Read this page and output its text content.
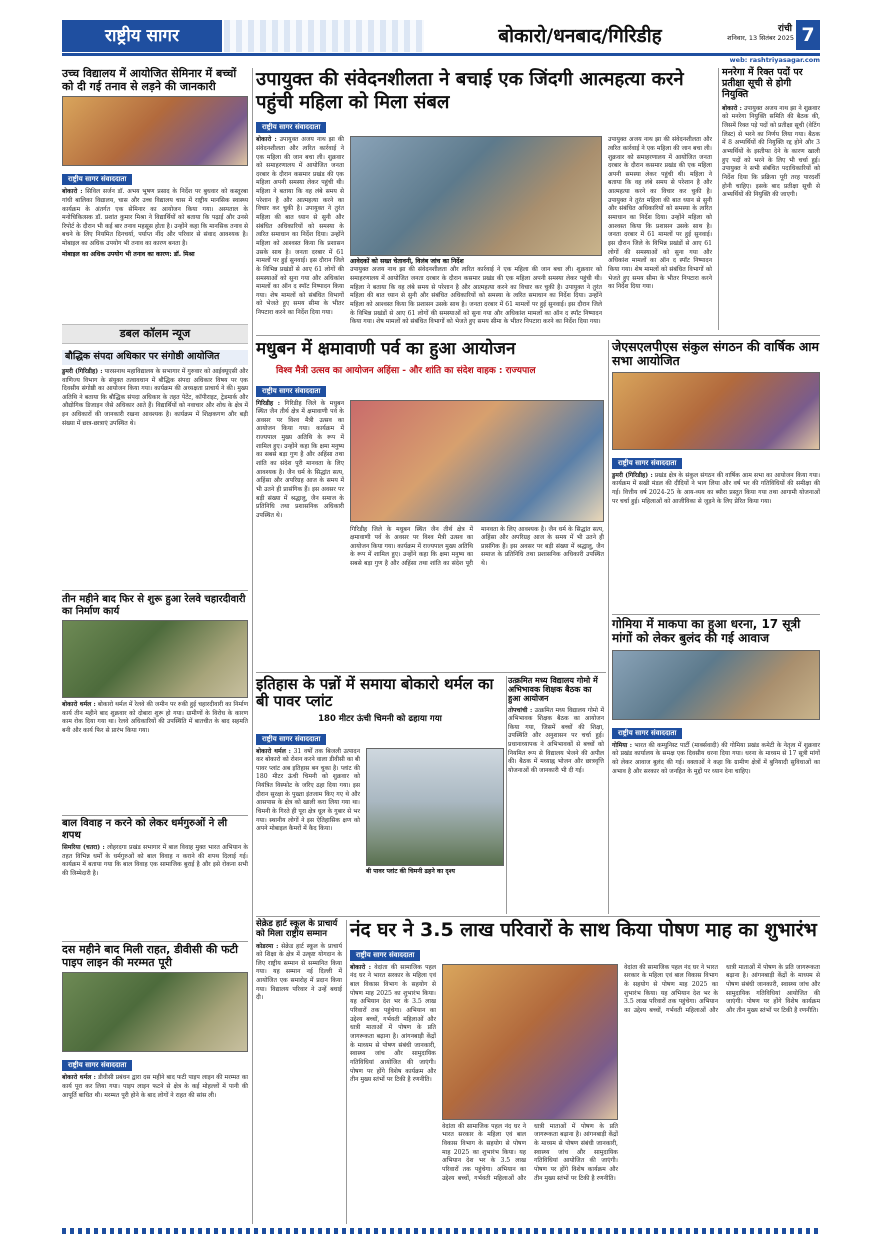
राष्ट्रीय सागर	बोकारो/धनबाद/गिरिडीह	रांची
शनिवार, 13 सितंबर 2025 7
web: rashtriyasagar.com
उच्च विद्यालय में आयोजित सेमिनार में बच्चों को दी गई तनाव से लड़ने की जानकारी
राष्ट्रीय सागर संवाददाता
बोकारो : सिविल सर्जन डॉ. अभय भूषण प्रसाद के निर्देश पर बुधवार को कस्तूरबा गांधी बालिका विद्यालय, चास और उच्च विद्यालय चास में राष्ट्रीय मानसिक स्वास्थ्य कार्यक्रम के अंतर्गत एक सेमिनार का आयोजन किया गया। अस्पताल के मनोचिकित्सक डॉ. प्रशांत कुमार मिश्रा ने विद्यार्थियों को बताया कि पढ़ाई और उनसे रिपोर्ट के दौरान भी कई बार तनाव महसूस होता है। उन्होंने कहा कि मानसिक तनाव से बचने के लिए नियमित दिनचर्या, पर्याप्त नींद और परिवार से संवाद आवश्यक है। मोबाइल का अधिक उपयोग भी तनाव का कारण बनता है।
मोबाइल का अधिक उपयोग भी तनाव का कारण: डॉ. मिश्रा
डबल कॉलम न्यूज
बौद्धिक संपदा अधिकार पर संगोष्ठी आयोजित
डुमरी (गिरिडीह) : पारसनाथ महाविद्यालय के सभागार में गुरुवार को आईक्यूएसी और वाणिज्य विभाग के संयुक्त तत्वावधान में बौद्धिक संपदा अधिकार विषय पर एक दिवसीय संगोष्ठी का आयोजन किया गया। कार्यक्रम की अध्यक्षता प्राचार्य ने की। मुख्य अतिथि ने बताया कि बौद्धिक संपदा अधिकार के तहत पेटेंट, कॉपीराइट, ट्रेडमार्क और औद्योगिक डिजाइन जैसे अधिकार आते हैं। विद्यार्थियों को नवाचार और शोध के क्षेत्र में इन अधिकारों की जानकारी रखना आवश्यक है। कार्यक्रम में शिक्षकगण और बड़ी संख्या में छात्र-छात्राएं उपस्थित थे।
तीन महीने बाद फिर से शुरू हुआ रेलवे चहारदीवारी का निर्माण कार्य
बोकारो थर्मल : बोकारो थर्मल में रेलवे की जमीन पर रुकी हुई चहारदीवारी का निर्माण कार्य तीन महीने बाद शुक्रवार को दोबारा शुरू हो गया। ग्रामीणों के विरोध के कारण काम रोक दिया गया था। रेलवे अधिकारियों की उपस्थिति में बातचीत के बाद सहमति बनी और कार्य फिर से प्रारंभ किया गया।
बाल विवाह न करने को लेकर धर्मगुरुओं ने ली शपथ
सिमरिया (चतरा) : लोहरदगा प्रखंड सभागार में बाल विवाह मुक्त भारत अभियान के तहत विभिन्न धर्मों के धर्मगुरुओं को बाल विवाह न कराने की शपथ दिलाई गई। कार्यक्रम में बताया गया कि बाल विवाह एक सामाजिक बुराई है और इसे रोकना सभी की जिम्मेदारी है।
उपायुक्त की संवेदनशीलता ने बचाई एक जिंदगी आत्महत्या करने पहुंची महिला को मिला संबल
राष्ट्रीय सागर संवाददाता
बोकारो : उपायुक्त अजय नाथ झा की संवेदनशीलता और त्वरित कार्रवाई ने एक महिला की जान बचा ली। शुक्रवार को समाहरणालय में आयोजित जनता दरबार के दौरान कसमार प्रखंड की एक महिला अपनी समस्या लेकर पहुंची थी। महिला ने बताया कि वह लंबे समय से परेशान है और आत्महत्या करने का विचार कर चुकी है। उपायुक्त ने तुरंत महिला की बात ध्यान से सुनी और संबंधित अधिकारियों को समस्या के त्वरित समाधान का निर्देश दिया। उन्होंने महिला को आश्वस्त किया कि प्रशासन उसके साथ है। जनता दरबार में 61 मामलों पर हुई सुनवाई। इस दौरान जिले के विभिन्न प्रखंडों से आए 61 लोगों की समस्याओं को सुना गया और अधिकांश मामलों का ऑन द स्पॉट निष्पादन किया गया। शेष मामलों को संबंधित विभागों को भेजते हुए समय सीमा के भीतर निपटारा करने का निर्देश दिया गया।
आवेदकों को सख्त चेतावनी, विलंब जांच का निर्देश
उपायुक्त अजय नाथ झा की संवेदनशीलता और त्वरित कार्रवाई ने एक महिला की जान बचा ली। शुक्रवार को समाहरणालय में आयोजित जनता दरबार के दौरान कसमार प्रखंड की एक महिला अपनी समस्या लेकर पहुंची थी। महिला ने बताया कि वह लंबे समय से परेशान है और आत्महत्या करने का विचार कर चुकी है। उपायुक्त ने तुरंत महिला की बात ध्यान से सुनी और संबंधित अधिकारियों को समस्या के त्वरित समाधान का निर्देश दिया। उन्होंने महिला को आश्वस्त किया कि प्रशासन उसके साथ है। जनता दरबार में 61 मामलों पर हुई सुनवाई। इस दौरान जिले के विभिन्न प्रखंडों से आए 61 लोगों की समस्याओं को सुना गया और अधिकांश मामलों का ऑन द स्पॉट निष्पादन किया गया। शेष मामलों को संबंधित विभागों को भेजते हुए समय सीमा के भीतर निपटारा करने का निर्देश दिया गया।
उपायुक्त अजय नाथ झा की संवेदनशीलता और त्वरित कार्रवाई ने एक महिला की जान बचा ली। शुक्रवार को समाहरणालय में आयोजित जनता दरबार के दौरान कसमार प्रखंड की एक महिला अपनी समस्या लेकर पहुंची थी। महिला ने बताया कि वह लंबे समय से परेशान है और आत्महत्या करने का विचार कर चुकी है। उपायुक्त ने तुरंत महिला की बात ध्यान से सुनी और संबंधित अधिकारियों को समस्या के त्वरित समाधान का निर्देश दिया। उन्होंने महिला को आश्वस्त किया कि प्रशासन उसके साथ है। जनता दरबार में 61 मामलों पर हुई सुनवाई। इस दौरान जिले के विभिन्न प्रखंडों से आए 61 लोगों की समस्याओं को सुना गया और अधिकांश मामलों का ऑन द स्पॉट निष्पादन किया गया। शेष मामलों को संबंधित विभागों को भेजते हुए समय सीमा के भीतर निपटारा करने का निर्देश दिया गया।
मनरेगा में रिक्त पदों पर प्रतीक्षा सूची से होगी नियुक्ति
बोकारो : उपायुक्त अजय नाथ झा ने शुक्रवार को मनरेगा नियुक्ति समिति की बैठक की, जिसमें रिक्त पड़े पदों को प्रतीक्षा सूची (वेटिंग लिस्ट) से भरने का निर्णय लिया गया। बैठक में 8 अभ्यर्थियों की नियुक्ति रद्द होने और 3 अभ्यर्थियों के इस्तीफा देने के कारण खाली हुए पदों को भरने के लिए भी चर्चा हुई। उपायुक्त ने सभी संबंधित पदाधिकारियों को निर्देश दिया कि प्रक्रिया पूरी तरह पारदर्शी होनी चाहिए। इसके बाद प्रतीक्षा सूची से अभ्यर्थियों की नियुक्ति की जाएगी।
मधुबन में क्षमावाणी पर्व का हुआ आयोजन
विश्व मैत्री उत्सव का आयोजन अहिंसा - और शांति का संदेश वाहक : राज्यपाल
राष्ट्रीय सागर संवाददाता
गिरिडीह : गिरिडीह जिले के मधुबन स्थित जैन तीर्थ क्षेत्र में क्षमावाणी पर्व के अवसर पर विश्व मैत्री उत्सव का आयोजन किया गया। कार्यक्रम में राज्यपाल मुख्य अतिथि के रूप में शामिल हुए। उन्होंने कहा कि क्षमा मनुष्य का सबसे बड़ा गुण है और अहिंसा तथा शांति का संदेश पूरी मानवता के लिए आवश्यक है। जैन धर्म के सिद्धांत सत्य, अहिंसा और अपरिग्रह आज के समय में भी उतने ही प्रासंगिक हैं। इस अवसर पर बड़ी संख्या में श्रद्धालु, जैन समाज के प्रतिनिधि तथा प्रशासनिक अधिकारी उपस्थित थे।
गिरिडीह जिले के मधुबन स्थित जैन तीर्थ क्षेत्र में क्षमावाणी पर्व के अवसर पर विश्व मैत्री उत्सव का आयोजन किया गया। कार्यक्रम में राज्यपाल मुख्य अतिथि के रूप में शामिल हुए। उन्होंने कहा कि क्षमा मनुष्य का सबसे बड़ा गुण है और अहिंसा तथा शांति का संदेश पूरी मानवता के लिए आवश्यक है। जैन धर्म के सिद्धांत सत्य, अहिंसा और अपरिग्रह आज के समय में भी उतने ही प्रासंगिक हैं। इस अवसर पर बड़ी संख्या में श्रद्धालु, जैन समाज के प्रतिनिधि तथा प्रशासनिक अधिकारी उपस्थित थे।
जेएसएलपीएस संकुल संगठन की वार्षिक आम सभा आयोजित
राष्ट्रीय सागर संवाददाता
डुमरी (गिरिडीह) : प्रखंड क्षेत्र के संकुल संगठन की वार्षिक आम सभा का आयोजन किया गया। कार्यक्रम में सखी मंडल की दीदियों ने भाग लिया और वर्ष भर की गतिविधियों की समीक्षा की गई। वित्तीय वर्ष 2024-25 के आय-व्यय का ब्यौरा प्रस्तुत किया गया तथा आगामी योजनाओं पर चर्चा हुई। महिलाओं को आजीविका से जुड़ने के लिए प्रेरित किया गया।
गोमिया में माकपा का हुआ धरना, 17 सूत्री मांगों को लेकर बुलंद की गई आवाज
राष्ट्रीय सागर संवाददाता
गोमिया : भारत की कम्युनिस्ट पार्टी (मार्क्सवादी) की गोमिया प्रखंड कमेटी के नेतृत्व में शुक्रवार को प्रखंड कार्यालय के समक्ष एक दिवसीय धरना दिया गया। धरना के माध्यम से 17 सूत्री मांगों को लेकर आवाज बुलंद की गई। वक्ताओं ने कहा कि ग्रामीण क्षेत्रों में बुनियादी सुविधाओं का अभाव है और सरकार को जनहित के मुद्दों पर ध्यान देना चाहिए।
इतिहास के पन्नों में समाया बोकारो थर्मल का बी पावर प्लांट
180 मीटर ऊंची चिमनी को ढहाया गया
राष्ट्रीय सागर संवाददाता
बोकारो थर्मल : 31 वर्षों तक बिजली उत्पादन कर बोकारो को रोशन करने वाला डीवीसी का बी पावर प्लांट अब इतिहास बन चुका है। प्लांट की 180 मीटर ऊंची चिमनी को शुक्रवार को नियंत्रित विस्फोट के जरिए ढहा दिया गया। इस दौरान सुरक्षा के पुख्ता इंतजाम किए गए थे और आसपास के क्षेत्र को खाली करा लिया गया था। चिमनी के गिरते ही पूरा क्षेत्र धूल के गुबार से भर गया। स्थानीय लोगों ने इस ऐतिहासिक क्षण को अपने मोबाइल कैमरों में कैद किया।
बी पावर प्लांट की चिमनी ढहने का दृश्य
उत्क्रमित मध्य विद्यालय गोमो में अभिभावक शिक्षक बैठक का हुआ आयोजन
तोपचांची : उत्क्रमित मध्य विद्यालय गोमो में अभिभावक शिक्षक बैठक का आयोजन किया गया, जिसमें बच्चों की शिक्षा, उपस्थिति और अनुशासन पर चर्चा हुई। प्रधानाध्यापक ने अभिभावकों से बच्चों को नियमित रूप से विद्यालय भेजने की अपील की। बैठक में मध्याह्न भोजन और छात्रवृत्ति योजनाओं की जानकारी भी दी गई।
दस महीने बाद मिली राहत, डीवीसी की फटी पाइप लाइन की मरम्मत पूरी
राष्ट्रीय सागर संवाददाता
बोकारो थर्मल : डीवीसी प्रबंधन द्वारा दस महीने बाद फटी पाइप लाइन की मरम्मत का कार्य पूरा कर लिया गया। पाइप लाइन फटने से क्षेत्र के कई मोहल्लों में पानी की आपूर्ति बाधित थी। मरम्मत पूरी होने के बाद लोगों ने राहत की सांस ली।
सेक्रेड हार्ट स्कूल के प्राचार्य को मिला राष्ट्रीय सम्मान
कोडरमा : सेक्रेड हार्ट स्कूल के प्राचार्य को शिक्षा के क्षेत्र में उत्कृष्ट योगदान के लिए राष्ट्रीय सम्मान से सम्मानित किया गया। यह सम्मान नई दिल्ली में आयोजित एक समारोह में प्रदान किया गया। विद्यालय परिवार ने उन्हें बधाई दी।
नंद घर ने 3.5 लाख परिवारों के साथ किया पोषण माह का शुभारंभ
राष्ट्रीय सागर संवाददाता
बोकारो : वेदांता की सामाजिक पहल नंद घर ने भारत सरकार के महिला एवं बाल विकास विभाग के सहयोग से पोषण माह 2025 का शुभारंभ किया। यह अभियान देश भर के 3.5 लाख परिवारों तक पहुंचेगा। अभियान का उद्देश्य बच्चों, गर्भवती महिलाओं और धात्री माताओं में पोषण के प्रति जागरूकता बढ़ाना है। आंगनबाड़ी केंद्रों के माध्यम से पोषण संबंधी जानकारी, स्वास्थ्य जांच और सामुदायिक गतिविधियां आयोजित की जाएंगी। पोषण पर होंगे विशेष कार्यक्रम और तीन मुख्य स्तंभों पर टिकी है रणनीति।
वेदांता की सामाजिक पहल नंद घर ने भारत सरकार के महिला एवं बाल विकास विभाग के सहयोग से पोषण माह 2025 का शुभारंभ किया। यह अभियान देश भर के 3.5 लाख परिवारों तक पहुंचेगा। अभियान का उद्देश्य बच्चों, गर्भवती महिलाओं और धात्री माताओं में पोषण के प्रति जागरूकता बढ़ाना है। आंगनबाड़ी केंद्रों के माध्यम से पोषण संबंधी जानकारी, स्वास्थ्य जांच और सामुदायिक गतिविधियां आयोजित की जाएंगी। पोषण पर होंगे विशेष कार्यक्रम और तीन मुख्य स्तंभों पर टिकी है रणनीति।
वेदांता की सामाजिक पहल नंद घर ने भारत सरकार के महिला एवं बाल विकास विभाग के सहयोग से पोषण माह 2025 का शुभारंभ किया। यह अभियान देश भर के 3.5 लाख परिवारों तक पहुंचेगा। अभियान का उद्देश्य बच्चों, गर्भवती महिलाओं और धात्री माताओं में पोषण के प्रति जागरूकता बढ़ाना है। आंगनबाड़ी केंद्रों के माध्यम से पोषण संबंधी जानकारी, स्वास्थ्य जांच और सामुदायिक गतिविधियां आयोजित की जाएंगी। पोषण पर होंगे विशेष कार्यक्रम और तीन मुख्य स्तंभों पर टिकी है रणनीति।
